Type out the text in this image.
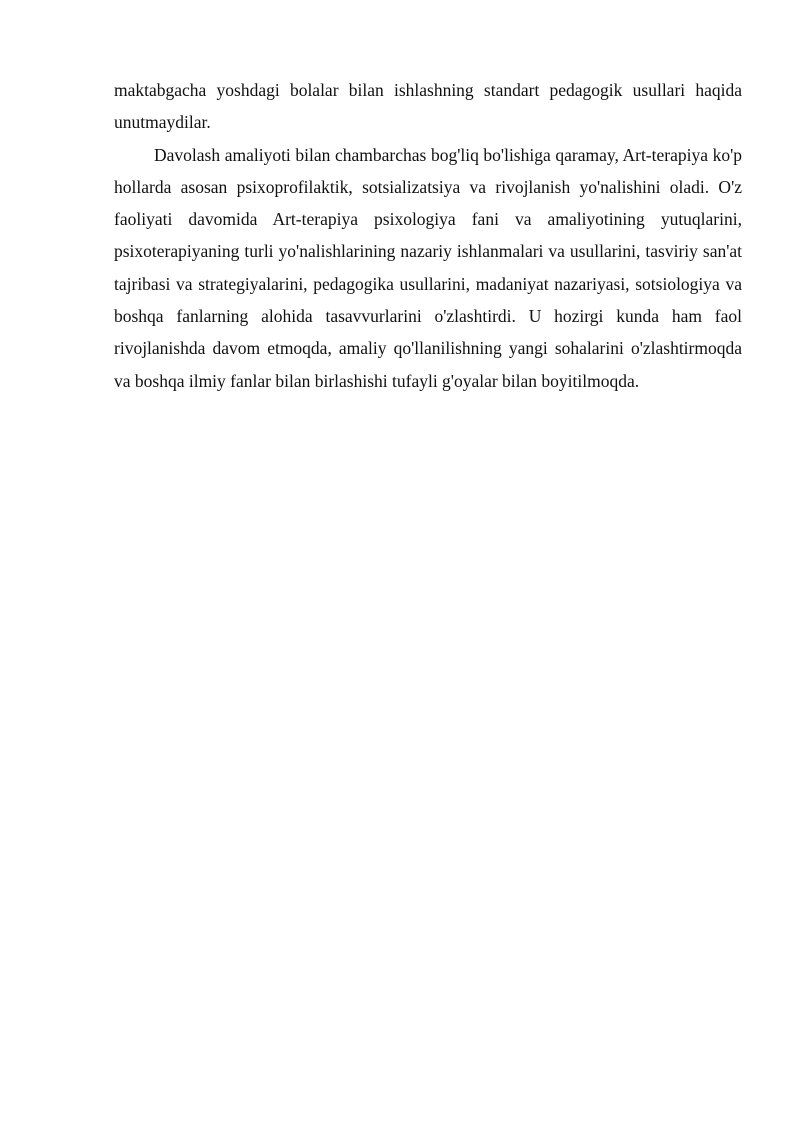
maktabgacha yoshdagi bolalar bilan ishlashning standart pedagogik usullari haqida unutmaydilar.

Davolash amaliyoti bilan chambarchas bog'liq bo'lishiga qaramay, Art-terapiya ko'p hollarda asosan psixoprofilaktik, sotsializatsiya va rivojlanish yo'nalishini oladi. O'z faoliyati davomida Art-terapiya psixologiya fani va amaliyotining yutuqlarini, psixoterapiyaning turli yo'nalishlarining nazariy ishlanmalari va usullarini, tasviriy san'at tajribasi va strategiyalarini, pedagogika usullarini, madaniyat nazariyasi, sotsiologiya va boshqa fanlarning alohida tasavvurlarini o'zlashtirdi. U hozirgi kunda ham faol rivojlanishda davom etmoqda, amaliy qo'llanilishning yangi sohalarini o'zlashtirmoqda va boshqa ilmiy fanlar bilan birlashishi tufayli g'oyalar bilan boyitilmoqda.
